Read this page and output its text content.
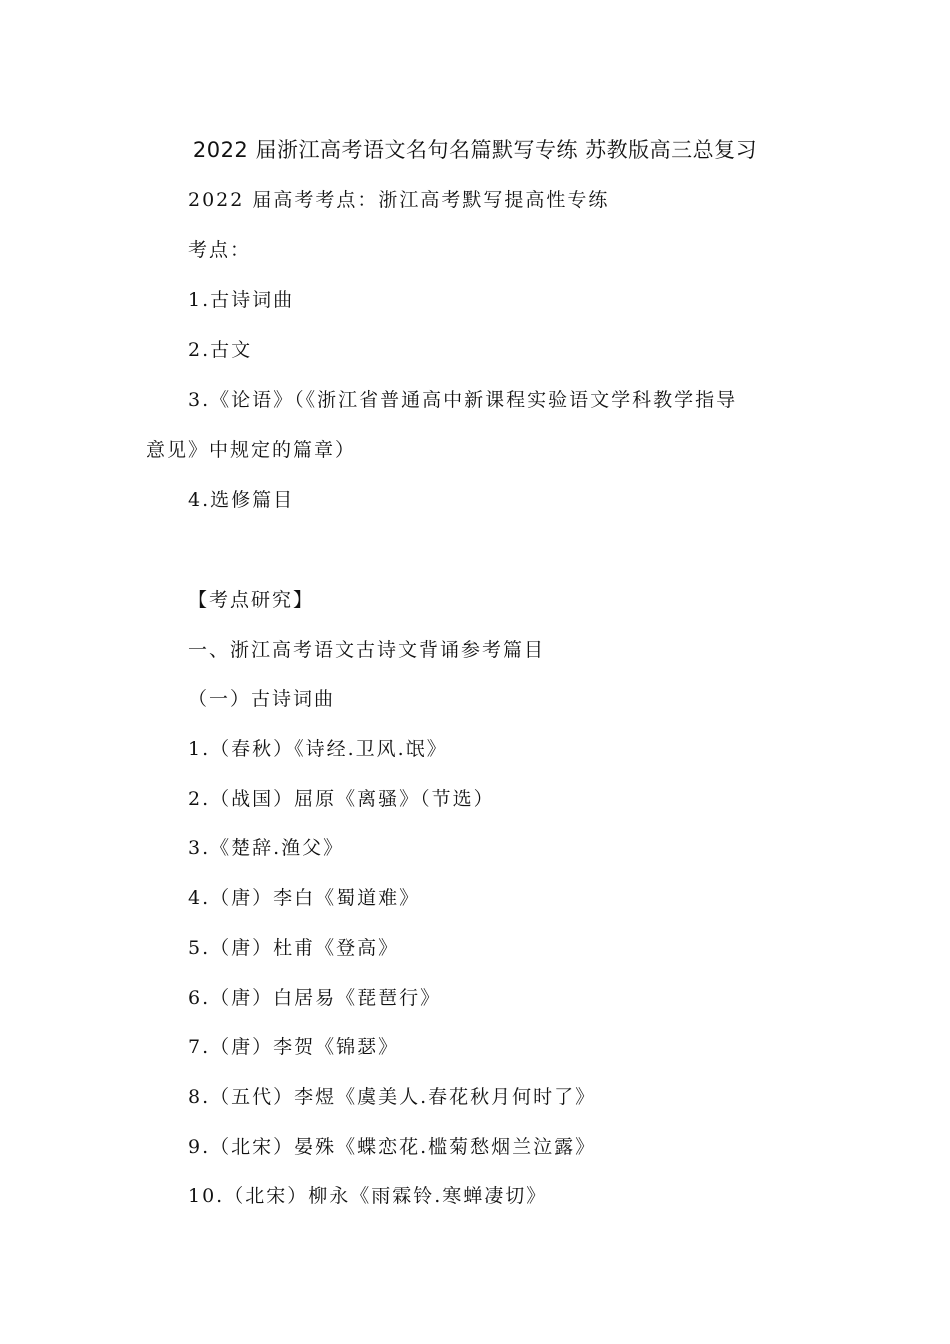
2022 届浙江高考语文名句名篇默写专练 苏教版高三总复习
2022 届高考考点：浙江高考默写提高性专练
考点：
1.古诗词曲
2.古文
3.《论语》（《浙江省普通高中新课程实验语文学科教学指导
意见》中规定的篇章）
4.选修篇目
【考点研究】
一、浙江高考语文古诗文背诵参考篇目
（一）古诗词曲
1.（春秋）《诗经.卫风.氓》
2.（战国）屈原《离骚》（节选）
3.《楚辞.渔父》
4.（唐）李白《蜀道难》
5.（唐）杜甫《登高》
6.（唐）白居易《琵琶行》
7.（唐）李贺《锦瑟》
8.（五代）李煜《虞美人.春花秋月何时了》
9.（北宋）晏殊《蝶恋花.槛菊愁烟兰泣露》
10.（北宋）柳永《雨霖铃.寒蝉凄切》
